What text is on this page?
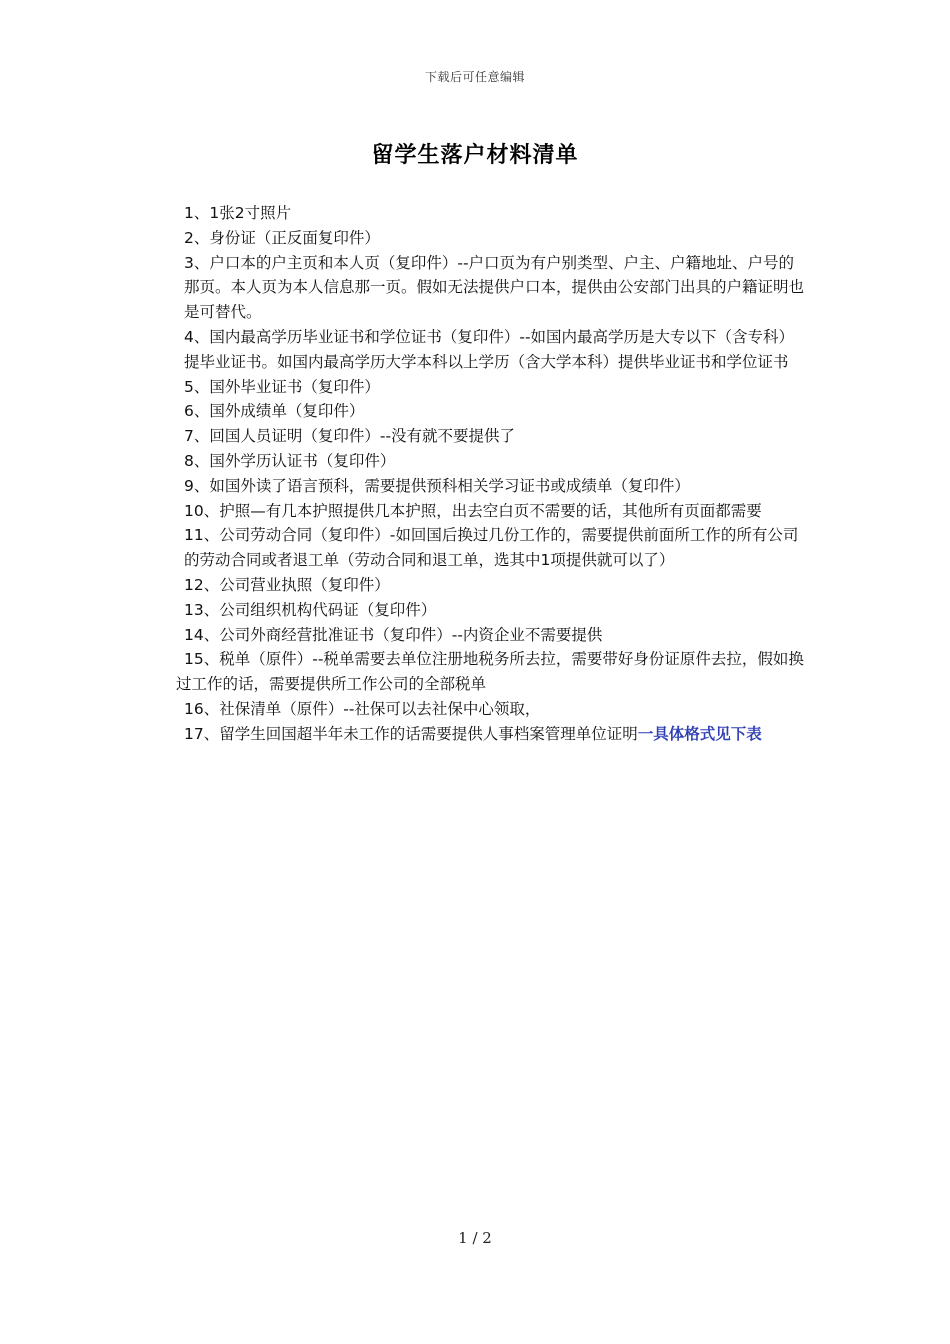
下载后可任意编辑
留学生落户材料清单

1、1张2寸照片

2、身份证（正反面复印件）

3、户口本的户主页和本人页（复印件）--户口页为有户别类型、户主、户籍地址、户号的那页。本人页为本人信息那一页。假如无法提供户口本，提供由公安部门出具的户籍证明也是可替代。

4、国内最高学历毕业证书和学位证书（复印件）--如国内最高学历是大专以下（含专科）提毕业证书。如国内最高学历大学本科以上学历（含大学本科）提供毕业证书和学位证书

5、国外毕业证书（复印件）

6、国外成绩单（复印件）

7、回国人员证明（复印件）--没有就不要提供了

8、国外学历认证书（复印件）

9、如国外读了语言预科，需要提供预科相关学习证书或成绩单（复印件）

10、护照—有几本护照提供几本护照，出去空白页不需要的话，其他所有页面都需要

11、公司劳动合同（复印件）-如回国后换过几份工作的，需要提供前面所工作的所有公司的劳动合同或者退工单（劳动合同和退工单，选其中1项提供就可以了）

12、公司营业执照（复印件）

13、公司组织机构代码证（复印件）

14、公司外商经营批准证书（复印件）--内资企业不需要提供

15、税单（原件）--税单需要去单位注册地税务所去拉，需要带好身份证原件去拉，假如换过工作的话，需要提供所工作公司的全部税单

16、社保清单（原件）--社保可以去社保中心领取，

17、留学生回国超半年未工作的话需要提供人事档案管理单位证明一具体格式见下表

1 / 2
